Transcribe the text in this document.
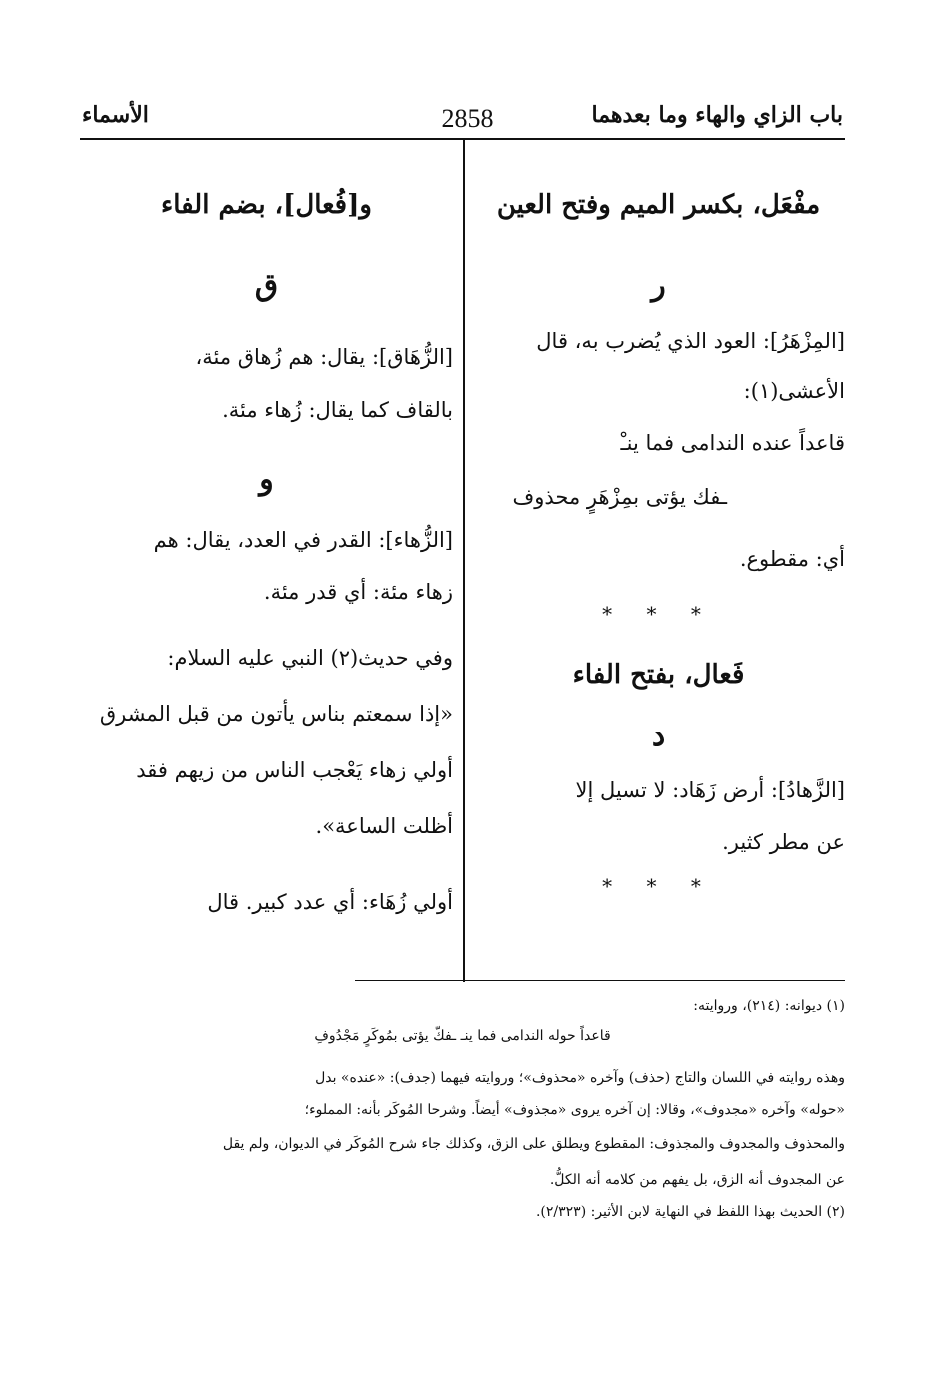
باب الزاي والهاء وما بعدهما
2858
الأسماء
مفْعَل، بكسر الميم وفتح العين
ر
[المِزْهَرُ]: العود الذي يُضرب به، قال
الأعشى(١):
قاعداً عنده الندامى فما ينـْ
ـفك يؤتى بمِزْهَرٍ محذوف
أي: مقطوع.
* * *
فَعال، بفتح الفاء
د
[الزَّهادُ]: أرض زَهَاد: لا تسيل إلا
عن مطر كثير.
* * *
و[فُعال]، بضم الفاء
ق
[الزُّهَاق]: يقال: هم زُهاق مئة،
بالقاف كما يقال: زُهاء مئة.
و
[الزُّهاء]: القدر في العدد، يقال: هم
زهاء مئة: أي قدر مئة.
وفي حديث(٢) النبي عليه السلام:
«إذا سمعتم بناس يأتون من قبل المشرق
أولي زهاء يَعْجب الناس من زيهم فقد
أظلت الساعة».
أولي زُهَاء: أي عدد كبير. قال
(١) ديوانه: (٢١٤)، وروايته:
قاعداً حوله الندامى فما ينـ ـفكّ يؤتى بمُوكَرٍ مَجْدُوفِ
وهذه روايته في اللسان والتاج (حذف) وآخره «محذوف»؛ وروايته فيهما (جدف): «عنده» بدل
«حوله» وآخره «مجدوف»، وقالا: إن آخره يروى «مجذوف» أيضاً. وشرحا المُوكَر بأنه: المملوء؛
والمحذوف والمجدوف والمجذوف: المقطوع ويطلق على الزق، وكذلك جاء شرح المُوكَر في الديوان، ولم يقل
عن المجدوف أنه الزق، بل يفهم من كلامه أنه الكلُّ.
(٢) الحديث بهذا اللفظ في النهاية لابن الأثير: (٢/٣٢٣).
